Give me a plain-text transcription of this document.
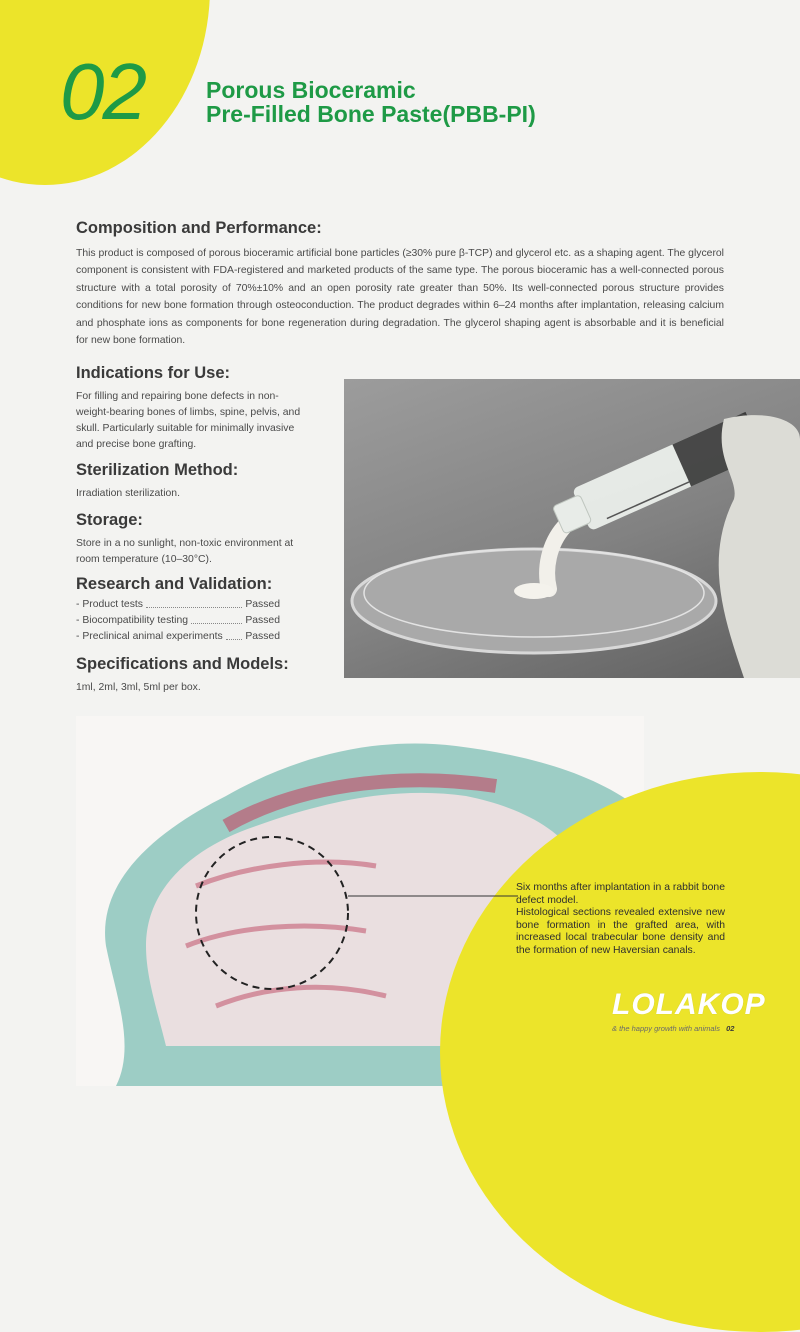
02	Porous Bioceramic
Pre-Filled Bone Paste(PBB-PI)
Composition and Performance:
This product is composed of porous bioceramic artificial bone particles (≥30% pure β-TCP) and glycerol etc. as a shaping agent. The glycerol component is consistent with FDA-registered and marketed products of the same type. The porous bioceramic has a well-connected porous structure with a total porosity of 70%±10% and an open porosity rate greater than 50%. Its well-connected porous structure provides conditions for new bone formation through osteoconduction. The product degrades within 6–24 months after implantation, releasing calcium and phosphate ions as components for bone regeneration during degradation. The glycerol shaping agent is absorbable and it is beneficial for new bone formation.
Indications for Use:
For filling and repairing bone defects in non-weight-bearing bones of limbs, spine, pelvis, and skull. Particularly suitable for minimally invasive and precise bone grafting.
Sterilization Method:
Irradiation sterilization.
Storage:
Store in a no sunlight, non-toxic environment at room temperature (10–30°C).
Research and Validation:
- Product tests	Passed
- Biocompatibility testing	Passed
- Preclinical animal experiments Passed
Specifications and Models:
1ml, 2ml, 3ml, 5ml per box.
Six months after implantation in a rabbit bone defect model.
Histological sections revealed extensive new bone formation in the grafted area, with increased local trabecular bone density and the formation of new Haversian canals.
LOLAKOP
& the happy growth with animals 02
